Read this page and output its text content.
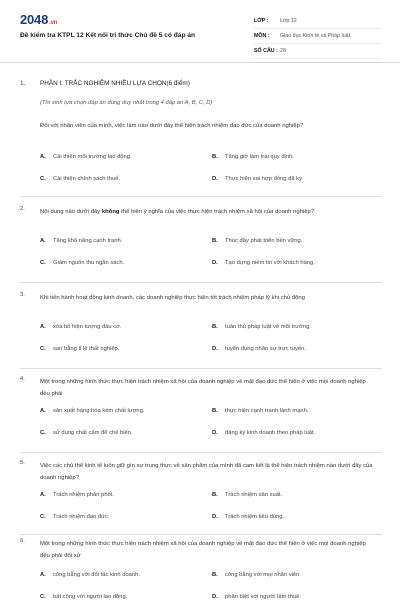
2048.vn
Đề kiểm tra KTPL 12 Kết nối tri thức Chủ đề 5 có đáp án
LỚP :	Lớp 12
MÔN :	Giáo dục Kinh tế và Pháp luật
SỐ CÂU : 28
1. PHẦN I. TRẮC NGHIỆM NHIỀU LỰA CHỌN(6 điểm)
(Thí sinh lựa chọn đáp án đúng duy nhất trong 4 đáp án A, B, C, D)
Đối với nhân viên của mình, việc làm nào dưới đây thể hiện trách nhiệm đạo đức của doanh nghiệp?
A. Cải thiện môi trường lao động.	B. Tăng giờ làm trái quy định.
C. Cải thiện chính sách thuế.	D. Thực hiện sai hợp đồng đã ký.
2.	Nội dung nào dưới đây không thể hiện ý nghĩa của việc thực hiện trách nhiệm xã hội của doanh nghiệp?
A. Tăng khả năng cạnh tranh.	B. Thúc đẩy phát triển bền vững.
C. Giảm nguồn thu ngân sách.	D. Tạo dựng niềm tin với khách hàng.
3.	Khi tiến hành hoạt động kinh doanh, các doanh nghiệp thực hiện tốt trách nhiệm pháp lý khi chủ động
A. xóa bỏ hiện tượng đầu cơ.	B. tuân thủ pháp luật về môi trường.
C. san bằng tỉ lệ thất nghiệp.	D. tuyển dụng nhân sự trực tuyến.
4.	Một trong những hình thức thực hiện trách nhiệm xã hội của doanh nghiệp về mặt đạo đức thể hiện ở việc mọi doanh nghiệp đều phải
A. sản xuất hàng hóa kém chất lượng.	B. thực hiện cạnh tranh lành mạnh.
C. sử dụng chất cấm để chế biến.	D. đăng ký kinh doanh theo pháp luật.
5.	Việc các chủ thể kinh tế luôn giữ gìn sự trung thực về sản phẩm của mình đã cam kết là thể hiện trách nhiệm nào dưới đây của doanh nghiệp?
A. Trách nhiệm phân phối.	B. Trách nhiệm sản xuất.
C. Trách nhiệm đạo đức.	D. Trách nhiệm tiêu dùng.
6.	Một trong những hình thức thực hiện trách nhiệm xã hội của doanh nghiệp về mặt đạo đức thể hiện ở việc mọi doanh nghiệp đều phải đối xử
A. công bằng với đối tác kinh doanh.	B. công bằng với mọi nhân viên.
C. bất công với người lao động.	D. phân biệt với người làm thuê.
